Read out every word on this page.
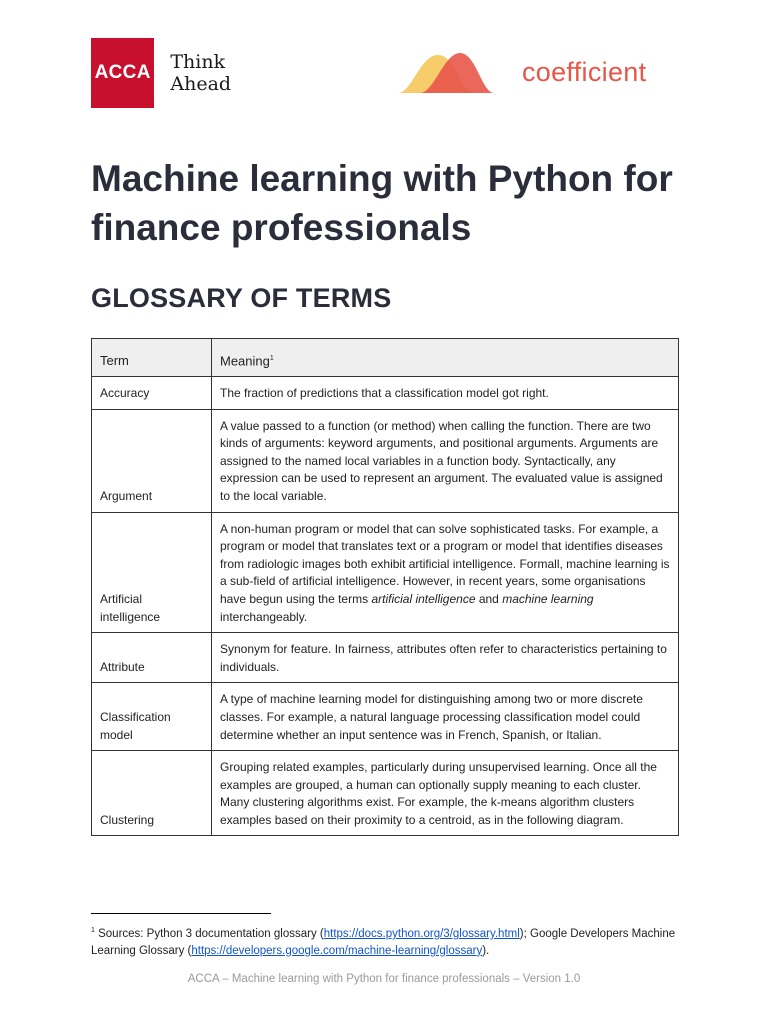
ACCA Think Ahead	coefficient
Machine learning with Python for finance professionals
GLOSSARY OF TERMS
Term	Meaning$^1$
Accuracy	The fraction of predictions that a classification model got right.
Argument	A value passed to a function (or method) when calling the function. There are two kinds of arguments: keyword arguments, and positional arguments. Arguments are assigned to the named local variables in a function body. Syntactically, any expression can be used to represent an argument. The evaluated value is assigned to the local variable.
Artificial intelligence	A non-human program or model that can solve sophisticated tasks. For example, a program or model that translates text or a program or model that identifies diseases from radiologic images both exhibit artificial intelligence. Formall, machine learning is a sub-field of artificial intelligence. However, in recent years, some organisations have begun using the terms artificial intelligence and machine learning interchangeably.
Attribute	Synonym for feature. In fairness, attributes often refer to characteristics pertaining to individuals.
Classification model	A type of machine learning model for distinguishing among two or more discrete classes. For example, a natural language processing classification model could determine whether an input sentence was in French, Spanish, or Italian.
Clustering	Grouping related examples, particularly during unsupervised learning. Once all the examples are grouped, a human can optionally supply meaning to each cluster. Many clustering algorithms exist. For example, the k-means algorithm clusters examples based on their proximity to a centroid, as in the following diagram.
$^1$ Sources: Python 3 documentation glossary (https://docs.python.org/3/glossary.html); Google Developers Machine Learning Glossary (https://developers.google.com/machine-learning/glossary).
ACCA – Machine learning with Python for finance professionals – Version 1.0
